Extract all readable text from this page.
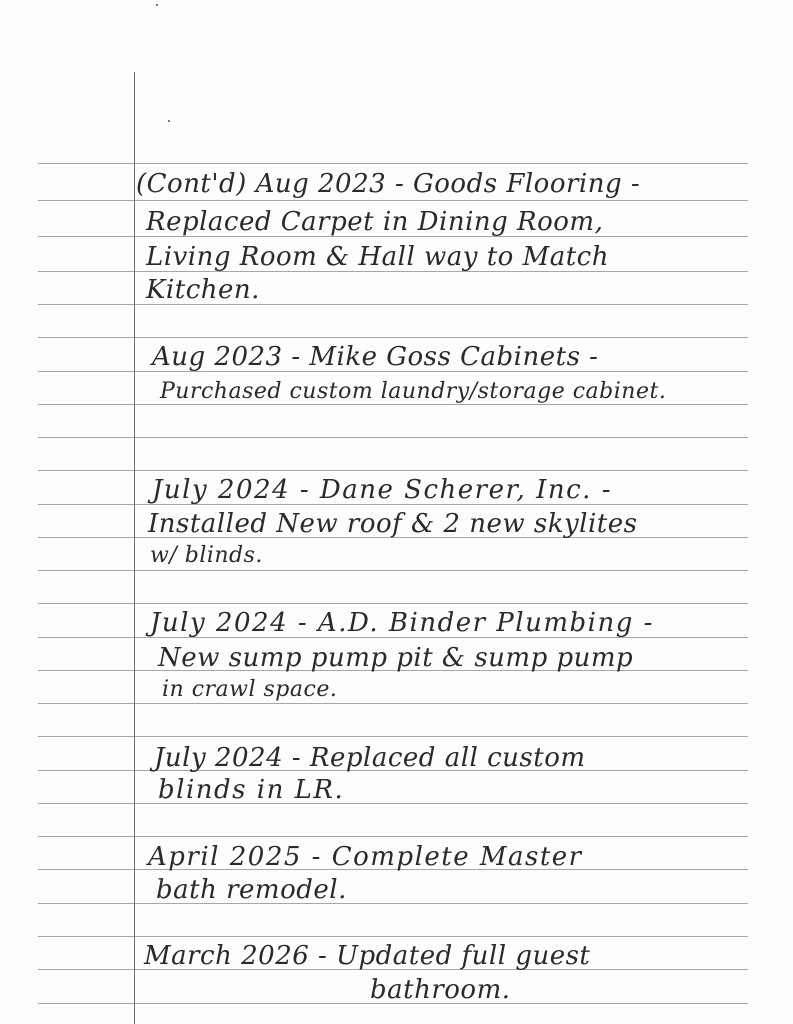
(Cont'd) Aug 2023 - Goods Flooring -
Replaced Carpet in Dining Room,
Living Room & Hall way to Match
Kitchen.
Aug 2023 - Mike Goss Cabinets -
Purchased custom laundry/storage cabinet.
July 2024 - Dane Scherer, Inc. -
Installed New roof & 2 new skylites
w/ blinds.
July 2024 - A.D. Binder Plumbing -
New sump pump pit & sump pump
in crawl space.
July 2024 - Replaced all custom
blinds in LR.
April 2025 - Complete Master
bath remodel.
March 2026 - Updated full guest
bathroom.
